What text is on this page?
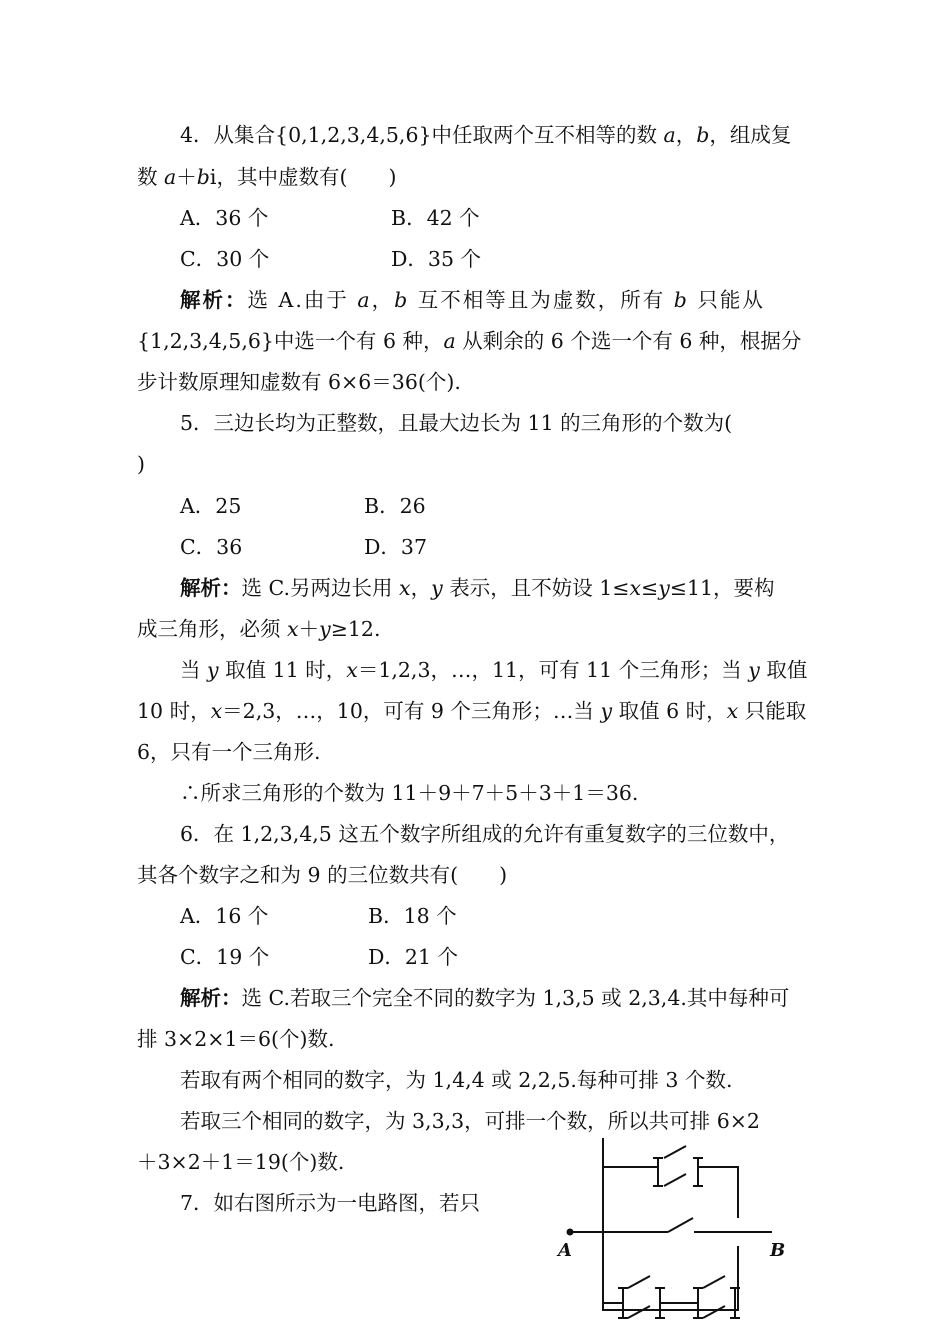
4．从集合{0,1,2,3,4,5,6}中任取两个互不相等的数 a，b，组成复
数 a＋bi，其中虚数有(　　)
A．36 个	B．42 个
C．30 个	D．35 个
解析：选 A.由于 a，b 互不相等且为虚数，所有 b 只能从
{1,2,3,4,5,6}中选一个有 6 种，a 从剩余的 6 个选一个有 6 种，根据分
步计数原理知虚数有 6×6＝36(个).
5．三边长均为正整数，且最大边长为 11 的三角形的个数为(
)
A．25	B．26
C．36	D．37
解析：选 C.另两边长用 x，y 表示，且不妨设 1≤x≤y≤11，要构
成三角形，必须 x＋y≥12.
当 y 取值 11 时，x＝1,2,3，…，11，可有 11 个三角形；当 y 取值
10 时，x＝2,3，…，10，可有 9 个三角形；…当 y 取值 6 时，x 只能取
6，只有一个三角形.
∴所求三角形的个数为 11＋9＋7＋5＋3＋1＝36.
6．在 1,2,3,4,5 这五个数字所组成的允许有重复数字的三位数中，
其各个数字之和为 9 的三位数共有(　　)
A．16 个	B．18 个
C．19 个	D．21 个
解析：选 C.若取三个完全不同的数字为 1,3,5 或 2,3,4.其中每种可
排 3×2×1＝6(个)数.
若取有两个相同的数字，为 1,4,4 或 2,2,5.每种可排 3 个数.
若取三个相同的数字，为 3,3,3，可排一个数，所以共可排 6×2
＋3×2＋1＝19(个)数.
7．如右图所示为一电路图，若只
A	B
